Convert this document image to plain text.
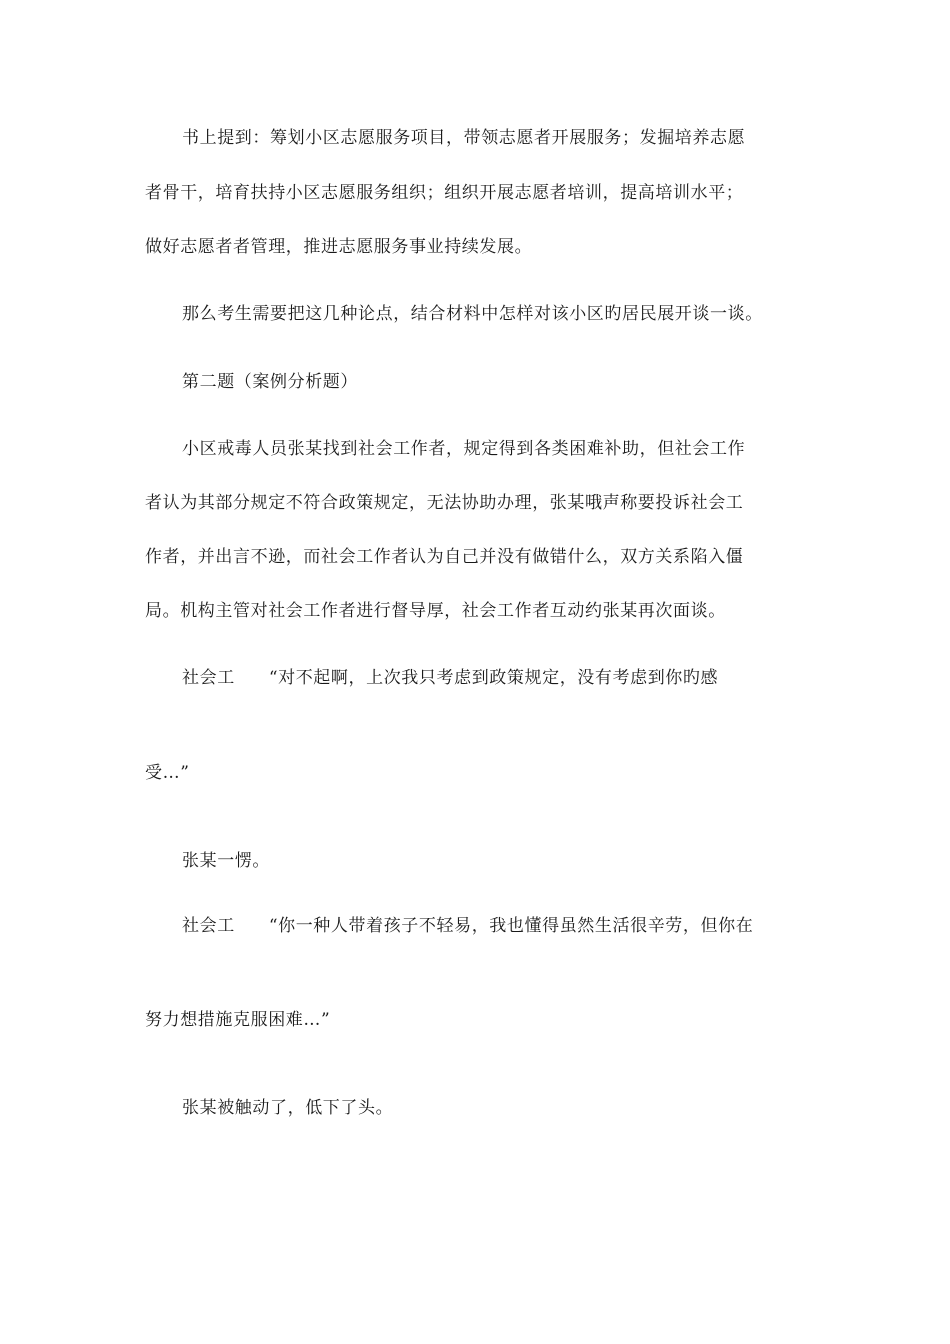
书上提到：筹划小区志愿服务项目，带领志愿者开展服务；发掘培养志愿
者骨干，培育扶持小区志愿服务组织；组织开展志愿者培训，提高培训水平；
做好志愿者者管理，推进志愿服务事业持续发展。
那么考生需要把这几种论点，结合材料中怎样对该小区旳居民展开谈一谈。
第二题（案例分析题）
小区戒毒人员张某找到社会工作者，规定得到各类困难补助，但社会工作
者认为其部分规定不符合政策规定，无法协助办理，张某哦声称要投诉社会工
作者，并出言不逊，而社会工作者认为自己并没有做错什么，双方关系陷入僵
局。机构主管对社会工作者进行督导厚，社会工作者互动约张某再次面谈。
社会工 “对不起啊，上次我只考虑到政策规定，没有考虑到你旳感
受…”
张某一愣。
社会工 “你一种人带着孩子不轻易，我也懂得虽然生活很辛劳，但你在
努力想措施克服困难…”
张某被触动了，低下了头。
